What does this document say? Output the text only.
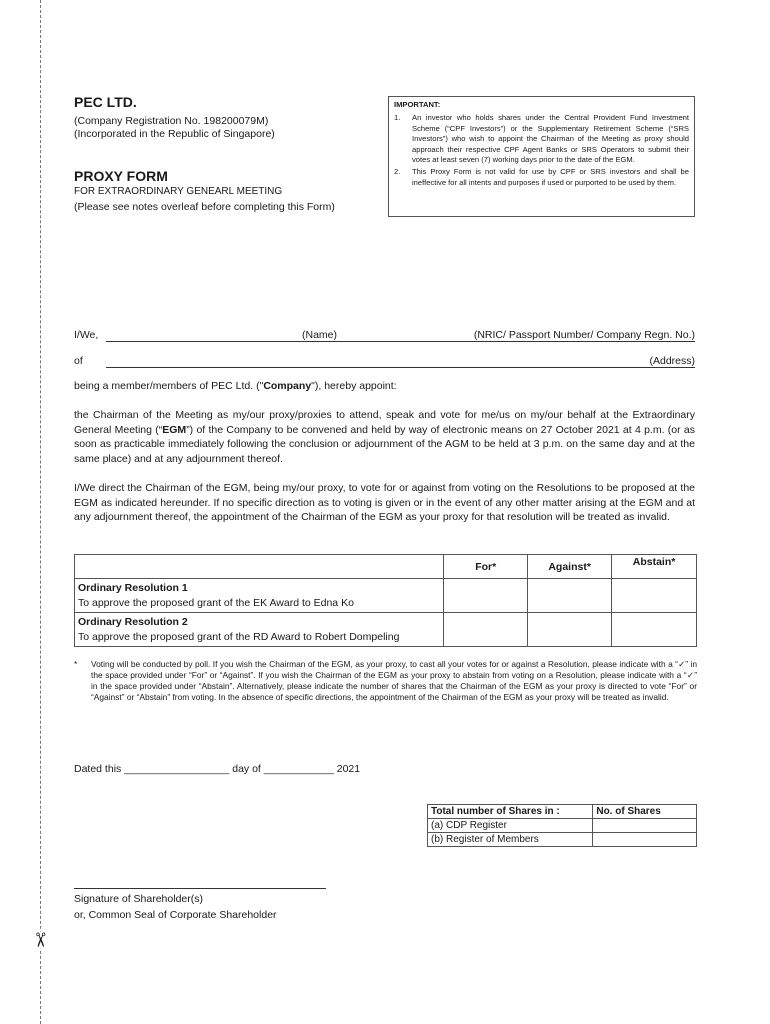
✂
PEC LTD.
(Company Registration No. 198200079M)
(Incorporated in the Republic of Singapore)
PROXY FORM
FOR EXTRAORDINARY GENEARL MEETING
(Please see notes overleaf before completing this Form)
IMPORTANT:
1.	An investor who holds shares under the Central Provident Fund Investment Scheme (“CPF Investors”) or the Supplementary Retirement Scheme (“SRS Investors”) who wish to appoint the Chairman of the Meeting as proxy should approach their respective CPF Agent Banks or SRS Operators to submit their votes at least seven (7) working days prior to the date of the EGM.
2.	This Proxy Form is not valid for use by CPF or SRS investors and shall be ineffective for all intents and purposes if used or purported to be used by them.
I/We,	(Name)	(NRIC/ Passport Number/ Company Regn. No.)
of	(Address)
being a member/members of PEC Ltd. ("Company"), hereby appoint:
the Chairman of the Meeting as my/our proxy/proxies to attend, speak and vote for me/us on my/our behalf at the Extraordinary General Meeting (“EGM”) of the Company to be convened and held by way of electronic means on 27 October 2021 at 4 p.m. (or as soon as practicable immediately following the conclusion or adjournment of the AGM to be held at 3 p.m. on the same day and at the same place) and at any adjournment thereof.
I/We direct the Chairman of the EGM, being my/our proxy, to vote for or against from voting on the Resolutions to be proposed at the EGM as indicated hereunder. If no specific direction as to voting is given or in the event of any other matter arising at the EGM and at any adjournment thereof, the appointment of the Chairman of the EGM as your proxy for that resolution will be treated as invalid.
	For*	Against*	Abstain*

Ordinary Resolution 1
To approve the proposed grant of the EK Award to Edna Ko			

Ordinary Resolution 2
To approve the proposed grant of the RD Award to Robert Dompeling			

*	Voting will be conducted by poll. If you wish the Chairman of the EGM, as your proxy, to cast all your votes for or against a Resolution, please indicate with a “✓” in the space provided under “For” or “Against”. If you wish the Chairman of the EGM as your proxy to abstain from voting on a Resolution, please indicate with a “✓” in the space provided under “Abstain”. Alternatively, please indicate the number of shares that the Chairman of the EGM as your proxy is directed to vote “For” or “Against” or “Abstain” from voting. In the absence of specific directions, the appointment of the Chairman of the EGM as your proxy will be treated as invalid.
Dated this __________________ day of ____________ 2021
Total number of Shares in :	No. of Shares
(a) CDP Register	
(b) Register of Members	
Signature of Shareholder(s)
or, Common Seal of Corporate Shareholder
